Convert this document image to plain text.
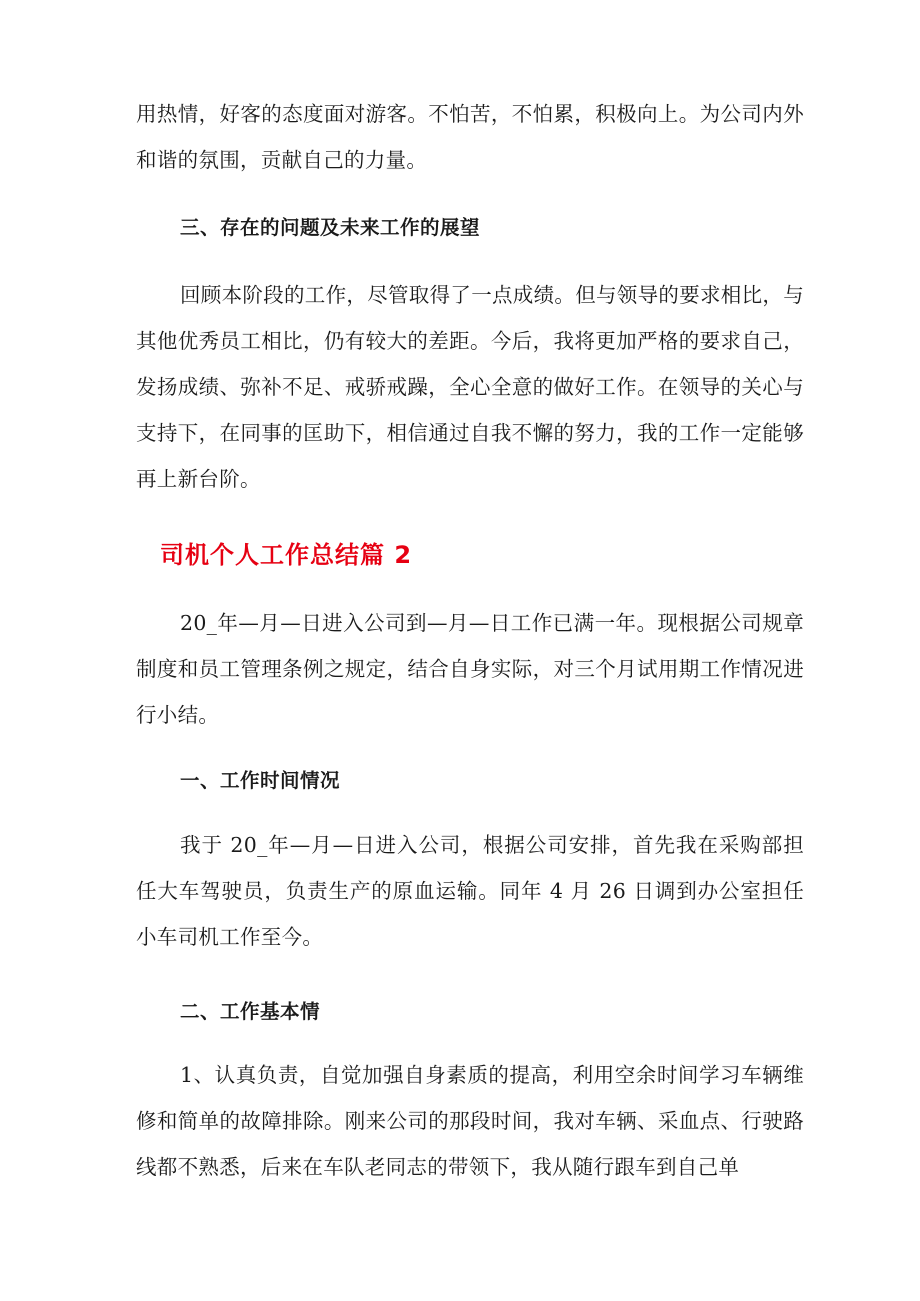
用热情，好客的态度面对游客。不怕苦，不怕累，积极向上。为公司内外和谐的氛围，贡献自己的力量。

三、存在的问题及未来工作的展望

回顾本阶段的工作，尽管取得了一点成绩。但与领导的要求相比，与其他优秀员工相比，仍有较大的差距。今后，我将更加严格的要求自己，发扬成绩、弥补不足、戒骄戒躁，全心全意的做好工作。在领导的关心与支持下，在同事的匡助下，相信通过自我不懈的努力，我的工作一定能够再上新台阶。

司机个人工作总结篇 2

20_年—月—日进入公司到—月—日工作已满一年。现根据公司规章制度和员工管理条例之规定，结合自身实际，对三个月试用期工作情况进行小结。

一、工作时间情况

我于 20_年—月—日进入公司，根据公司安排，首先我在采购部担任大车驾驶员，负责生产的原血运输。同年 4 月 26 日调到办公室担任小车司机工作至今。

二、工作基本情

1、认真负责，自觉加强自身素质的提高，利用空余时间学习车辆维修和简单的故障排除。刚来公司的那段时间，我对车辆、采血点、行驶路线都不熟悉，后来在车队老同志的带领下，我从随行跟车到自己单
